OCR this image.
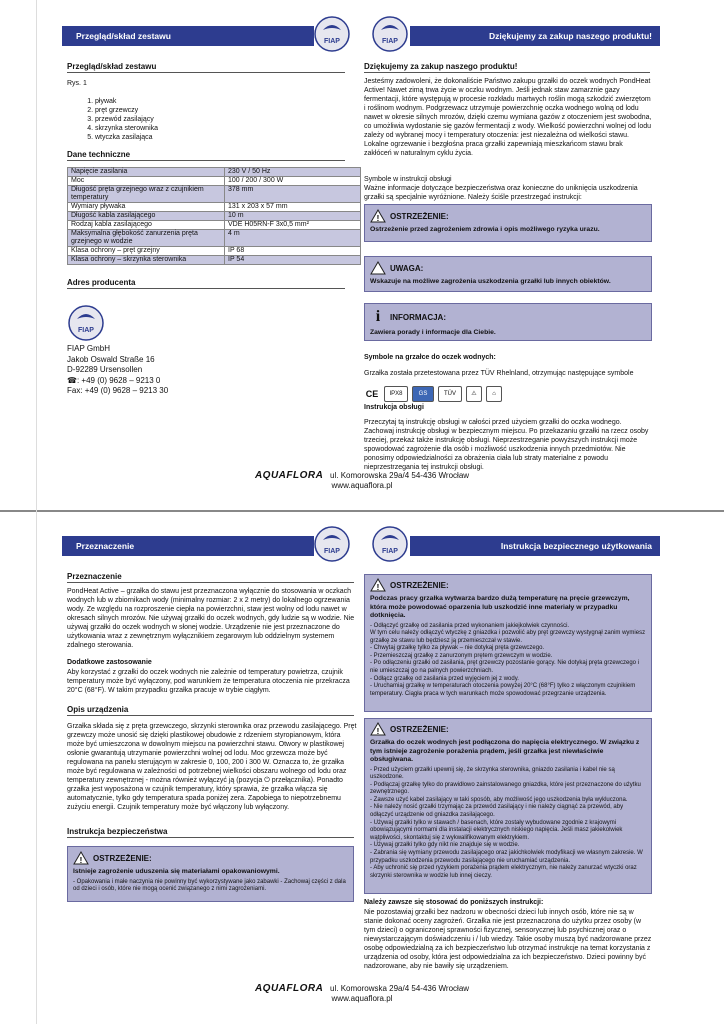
Przegląd/skład zestawu	Dziękujemy za zakup naszego produktu!
FIAP	FIAP
Przegląd/skład zestawu
Rys. 1
1. pływak
2. pręt grzewczy
3. przewód zasilający
4. skrzynka sterownika
5. wtyczka zasilająca
Dane techniczne
Napięcie zasilania	230 V / 50 Hz
Moc	100 / 200 / 300 W
Długość pręta grzejnego wraz z czujnikiem temperatury	378 mm
Wymiary pływaka	131 x 203 x 57 mm
Długość kabla zasilającego	10 m
Rodzaj kabla zasilającego	VDE H05RN-F 3x0,5 mm²
Maksymalna głębokość zanurzenia pręta grzejnego w wodzie	4 m
Klasa ochrony – pręt grzejny	IP 68
Klasa ochrony – skrzynka sterownika	IP 54
Adres producenta
FIAP
FIAP GmbH
Jakob Oswald Straße 16
D-92289 Ursensollen
☎: +49 (0) 9628 – 9213 0
Fax: +49 (0) 9628 – 9213 30
Dziękujemy za zakup naszego produktu!
Jesteśmy zadowoleni, że dokonaliście Państwo zakupu grzałki do oczek wodnych PondHeat Active! Nawet zimą trwa życie w oczku wodnym. Jeśli jednak staw zamarznie gazy fermentacji, które występują w procesie rozkładu martwych roślin mogą szkodzić zwierzętom i roślinom wodnym. Podgrzewacz utrzymuje powierzchnię oczka wodnego wolną od lodu nawet w okresie silnych mrozów, dzięki czemu wymiana gazów z otoczeniem jest swobodna, co umożliwia wydostanie się gazów fermentacji z wody. Wielkość powierzchni wolnej od lodu zależy od wybranej mocy i temperatury otoczenia: jest niezależna od wielkości stawu. Lokalne ogrzewanie i bezgłośna praca grzałki zapewniają mieszkańcom stawu brak zakłóceń w naturalnym cyklu życia.
Symbole w instrukcji obsługi
Ważne informacje dotyczące bezpieczeństwa oraz konieczne do uniknięcia uszkodzenia grzałki są specjalnie wyróżnione. Należy ściśle przestrzegać instrukcji:
! OSTRZEŻENIE:
Ostrzeżenie przed zagrożeniem zdrowia i opis możliwego ryzyka urazu.
UWAGA:
Wskazuje na możliwe zagrożenia uszkodzenia grzałki lub innych obiektów.
i	INFORMACJA:
Zawiera porady i informacje dla Ciebie.
Symbole na grzałce do oczek wodnych:
Grzałka została przetestowana przez TÜV Rhelnland, otrzymując następujące symbole
CE	IPX8	GS	TÜV	⚠	⌂
Instrukcja obsługi
Przeczytaj tą instrukcję obsługi w całości przed użyciem grzałki do oczka wodnego. Zachowaj instrukcję obsługi w bezpiecznym miejscu. Po przekazaniu grzałki na rzecz osoby trzeciej, przekaż także instrukcję obsługi. Nieprzestrzeganie powyższych instrukcji może spowodować zagrożenie dla osób i możliwość uszkodzenia innych przedmiotów. Nie ponosimy odpowiedzialności za obrażenia ciała lub straty materialne z powodu nieprzestrzegania tej instrukcji obsługi.
AQUAFLORA ul. Komorowska 29a/4 54-436 Wrocław
www.aquaflora.pl
Przeznaczenie	Instrukcja bezpiecznego użytkowania
FIAP	FIAP
Przeznaczenie
PondHeat Active – grzałka do stawu jest przeznaczona wyłącznie do stosowania w oczkach wodnych lub w zbiornikach wody (minimalny rozmiar: 2 x 2 metry) do lokalnego ogrzewania wody. Ze względu na rozproszenie ciepła na powierzchni, staw jest wolny od lodu nawet w okresach silnych mrozów. Nie używaj grzałki do oczek wodnych, gdy ludzie są w wodzie. Nie używaj grzałki do oczek wodnych w słonej wodzie. Urządzenie nie jest przeznaczone do użytkowania wraz z zewnętrznym wyłącznikiem zegarowym lub oddzielnym systemem zdalnego sterowania.
Dodatkowe zastosowanie
Aby korzystać z grzałki do oczek wodnych nie zależnie od temperatury powietrza, czujnik temperatury może być wyłączony, pod warunkiem że temperatura otoczenia nie przekracza 20°C (68°F). W takim przypadku grzałka pracuje w trybie ciągłym.
Opis urządzenia
Grzałka składa się z pręta grzewczego, skrzynki sterownika oraz przewodu zasilającego. Pręt grzewczy może unosić się dzięki plastikowej obudowie z rdzeniem styropianowym, która może być umieszczona w dowolnym miejscu na powierzchni stawu. Otwory w plastikowej osłonie gwarantują utrzymanie powierzchni wolnej od lodu. Moc grzewcza może być regulowana na panelu sterującym w zakresie 0, 100, 200 i 300 W. Oznacza to, że grzałka może być regulowana w zależności od potrzebnej wielkości obszaru wolnego od lodu oraz temperatury zewnętrznej - można również wyłączyć ją (pozycja ⏻ przełącznika). Ponadto grzałka jest wyposażona w czujnik temperatury, który sprawia, że grzałka włącza się automatycznie, tylko gdy temperatura spada poniżej zera. Zapobiega to niepotrzebnemu zużyciu energii. Czujnik temperatury może być włączony lub wyłączony.
Instrukcja bezpieczeństwa
! OSTRZEŻENIE:
Istnieje zagrożenie uduszenia się materiałami opakowaniowymi.
- Opakowania i małe naczynia nie powinny być wykorzystywane jako zabawki - Zachowaj części z dala od dzieci i osób, które nie mogą ocenić związanego z nimi zagrożeniami.
! OSTRZEŻENIE:
Podczas pracy grzałka wytwarza bardzo dużą temperaturę na pręcie grzewczym, która może powodować oparzenia lub uszkodzić inne materiały w przypadku dotknięcia.
- Odłączyć grzałkę od zasilania przed wykonaniem jakiejkolwiek czynności.
W tym celu należy odłączyć wtyczkę z gniazdka i pozwolić aby pręt grzewczy wystygnął zanim wymiesz grzałkę ze stawu lub będziesz ją przemieszczał w stawie.
- Chwytaj grzałkę tylko za pływak – nie dotykaj pręta grzewczego.
- Przemieszczaj grzałkę z zanurzonym prętem grzewczym w wodzie.
- Po odłączeniu grzałki od zasilania, pręt grzewczy pozostanie gorący. Nie dotykaj pręta grzewczego i nie umieszczaj go na palnych powierzchniach.
- Odłącz grzałkę od zasilania przed wyjęciem jej z wody.
- Uruchamiaj grzałkę w temperaturach otoczenia powyżej 20°C (68°F) tylko z włączonym czujnikiem temperatury. Ciągła praca w tych warunkach może spowodować przegrzanie urządzenia.
! OSTRZEŻENIE:
Grzałka do oczek wodnych jest podłączona do napięcia elektrycznego. W związku z tym istnieje zagrożenie porażenia prądem, jeśli grzałka jest niewłaściwie obsługiwana.
- Przed użyciem grzałki upewnij się, że skrzynka sterownika, gniazdo zasilania i kabel nie są uszkodzone.
- Podłączaj grzałkę tylko do prawidłowo zainstalowanego gniazdka, które jest przeznaczone do użytku zewnętrznego.
- Zawsze użyć kabel zasilający w taki sposób, aby możliwość jego uszkodzenia była wykluczona.
- Nie należy nosić grzałki trzymając za przewód zasilający i nie należy ciągnąć za przewód, aby odłączyć urządzenie od gniazdka zasilającego.
- Używaj grzałki tylko w stawach / basenach, które zostały wybudowane zgodnie z krajowymi obowiązującymi normami dla instalacji elektrycznych niskiego napięcia. Jeśli masz jakiekolwiek wątpliwości, skontaktuj się z wykwalifikowanym elektrykiem.
- Używaj grzałki tylko gdy nikt nie znajduje się w wodzie.
- Zabrania się wymiany przewodu zasilającego oraz jakichkolwiek modyfikacji we własnym zakresie. W przypadku uszkodzenia przewodu zasilającego nie uruchamiać urządzenia.
- Aby uchronić się przed ryzykiem porażenia prądem elektrycznym, nie należy zanurzać wtyczki oraz skrzynki sterownika w wodzie lub innej cieczy.
Należy zawsze się stosować do poniższych instrukcji:
Nie pozostawiaj grzałki bez nadzoru w obecności dzieci lub innych osób, które nie są w stanie dokonać oceny zagrożeń. Grzałka nie jest przeznaczona do użytku przez osoby (w tym dzieci) o ograniczonej sprawności fizycznej, sensorycznej lub psychicznej oraz o niewystarczającym doświadczeniu i / lub wiedzy. Takie osoby muszą być nadzorowane przez osobę odpowiedzialną za ich bezpieczeństwo lub otrzymać instrukcje na temat korzystania z urządzenia od osoby, która jest odpowiedzialna za ich bezpieczeństwo. Dzieci powinny być nadzorowane, aby nie bawiły się urządzeniem.
AQUAFLORA ul. Komorowska 29a/4 54-436 Wrocław
www.aquaflora.pl
